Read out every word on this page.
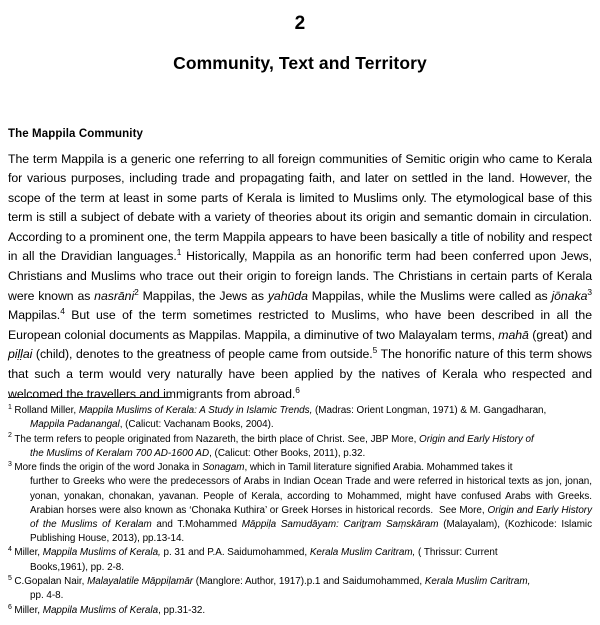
2
Community, Text and Territory
The Mappila Community
The term Mappila is a generic one referring to all foreign communities of Semitic origin who came to Kerala for various purposes, including trade and propagating faith, and later on settled in the land. However, the scope of the term at least in some parts of Kerala is limited to Muslims only. The etymological base of this term is still a subject of debate with a variety of theories about its origin and semantic domain in circulation. According to a prominent one, the term Mappila appears to have been basically a title of nobility and respect in all the Dravidian languages.$^1$ Historically, Mappila as an honorific term had been conferred upon Jews, Christians and Muslims who trace out their origin to foreign lands. The Christians in certain parts of Kerala were known as nasrāni$^2$ Mappilas, the Jews as yahūda Mappilas, while the Muslims were called as jōnaka$^3$ Mappilas.$^4$ But use of the term sometimes restricted to Muslims, who have been described in all the European colonial documents as Mappilas. Mappila, a diminutive of two Malayalam terms, mahā (great) and piḷḷai (child), denotes to the greatness of people came from outside.$^5$ The honorific nature of this term shows that such a term would very naturally have been applied by the natives of Kerala who respected and welcomed the travellers and immigrants from abroad.$^6$
$^1$ Rolland Miller, Mappila Muslims of Kerala: A Study in Islamic Trends, (Madras: Orient Longman, 1971) & M. Gangadharan,
Mappila Padanangal, (Calicut: Vachanam Books, 2004).
$^2$ The term refers to people originated from Nazareth, the birth place of Christ. See, JBP More, Origin and Early History of
the Muslims of Keralam 700 AD-1600 AD, (Calicut: Other Books, 2011), p.32.
$^3$ More finds the origin of the word Jonaka in Sonagam, which in Tamil literature signified Arabia. Mohammed takes it
further to Greeks who were the predecessors of Arabs in Indian Ocean Trade and were referred in historical texts as jon, jonan, yonan, yonakan, chonakan, yavanan. People of Kerala, according to Mohammed, might have confused Arabs with Greeks. Arabian horses were also known as ‘Chonaka Kuthira’ or Greek Horses in historical records.  See More, Origin and Early History of the Muslims of Keralam and T.Mohammed Māppiḷa Samudāyam: Cariṯram Saṃskāram (Malayalam), (Kozhicode: Islamic Publishing House, 2013), pp.13-14.
$^4$ Miller, Mappila Muslims of Kerala, p. 31 and P.A. Saidumohammed, Kerala Muslim Caritram, ( Thrissur: Current
Books,1961), pp. 2-8.
$^5$ C.Gopalan Nair, Malayalatile Māppiḷamār (Manglore: Author, 1917).p.1 and Saidumohammed, Kerala Muslim Caritram,
pp. 4-8.
$^6$ Miller, Mappila Muslims of Kerala, pp.31-32.
